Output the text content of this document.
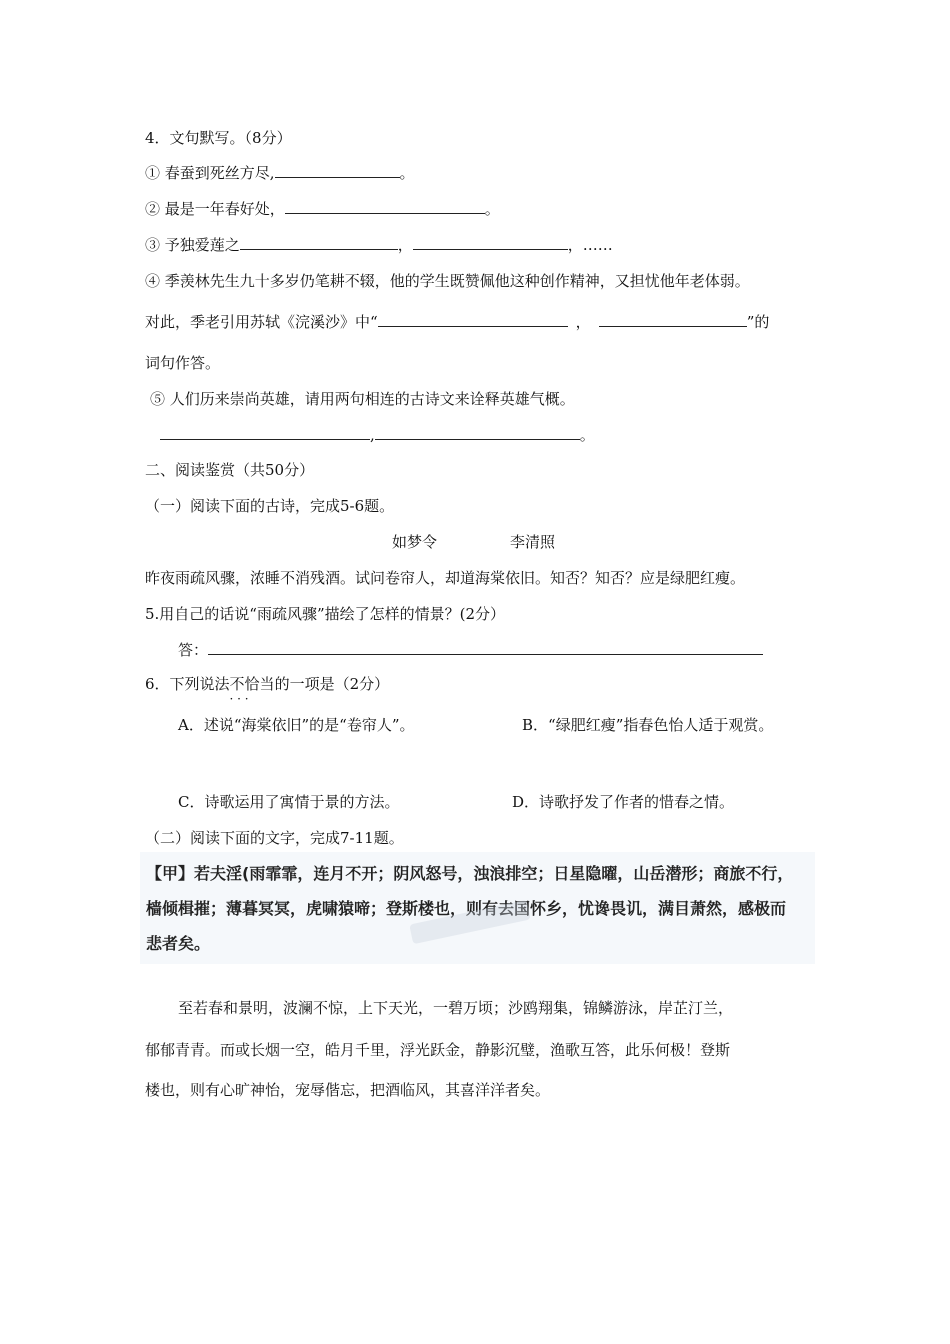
4．文句默写。（8分）
① 春蚕到死丝方尽,	。
② 最是一年春好处，	。
③ 予独爱莲之	，	，……
④ 季羡林先生九十多岁仍笔耕不辍，他的学生既赞佩他这种创作精神，又担忧他年老体弱。
对此，季老引用苏轼《浣溪沙》中“	，	”的
词句作答。
⑤ 人们历来崇尚英雄，请用两句相连的古诗文来诠释英雄气概。
,	。
二、阅读鉴赏（共50分）
（一）阅读下面的古诗，完成5-6题。
如梦令	李清照
昨夜雨疏风骤，浓睡不消残酒。试问卷帘人，却道海棠依旧。知否？知否？应是绿肥红瘦。
5.用自己的话说“雨疏风骤”描绘了怎样的情景？(2分）
答：
6．下列说法不恰当 · · ·的一项是（2分）
A．述说“海棠依旧”的是“卷帘人”。	B．“绿肥红瘦”指春色怡人适于观赏。
C．诗歌运用了寓情于景的方法。	D．诗歌抒发了作者的惜春之情。
（二）阅读下面的文字，完成7-11题。
【甲】若夫淫(雨霏霏，连月不开；阴风怒号，浊浪排空；日星隐曜，山岳潜形；商旅不行，
樯倾楫摧；薄暮冥冥，虎啸猿啼；登斯楼也，则有去国怀乡，忧谗畏讥，满目萧然，感极而
悲者矣。
至若春和景明，波澜不惊，上下天光，一碧万顷；沙鸥翔集，锦鳞游泳，岸芷汀兰，
郁郁青青。而或长烟一空，皓月千里，浮光跃金，静影沉璧，渔歌互答，此乐何极！登斯
楼也，则有心旷神怡，宠辱偕忘，把酒临风，其喜洋洋者矣。
